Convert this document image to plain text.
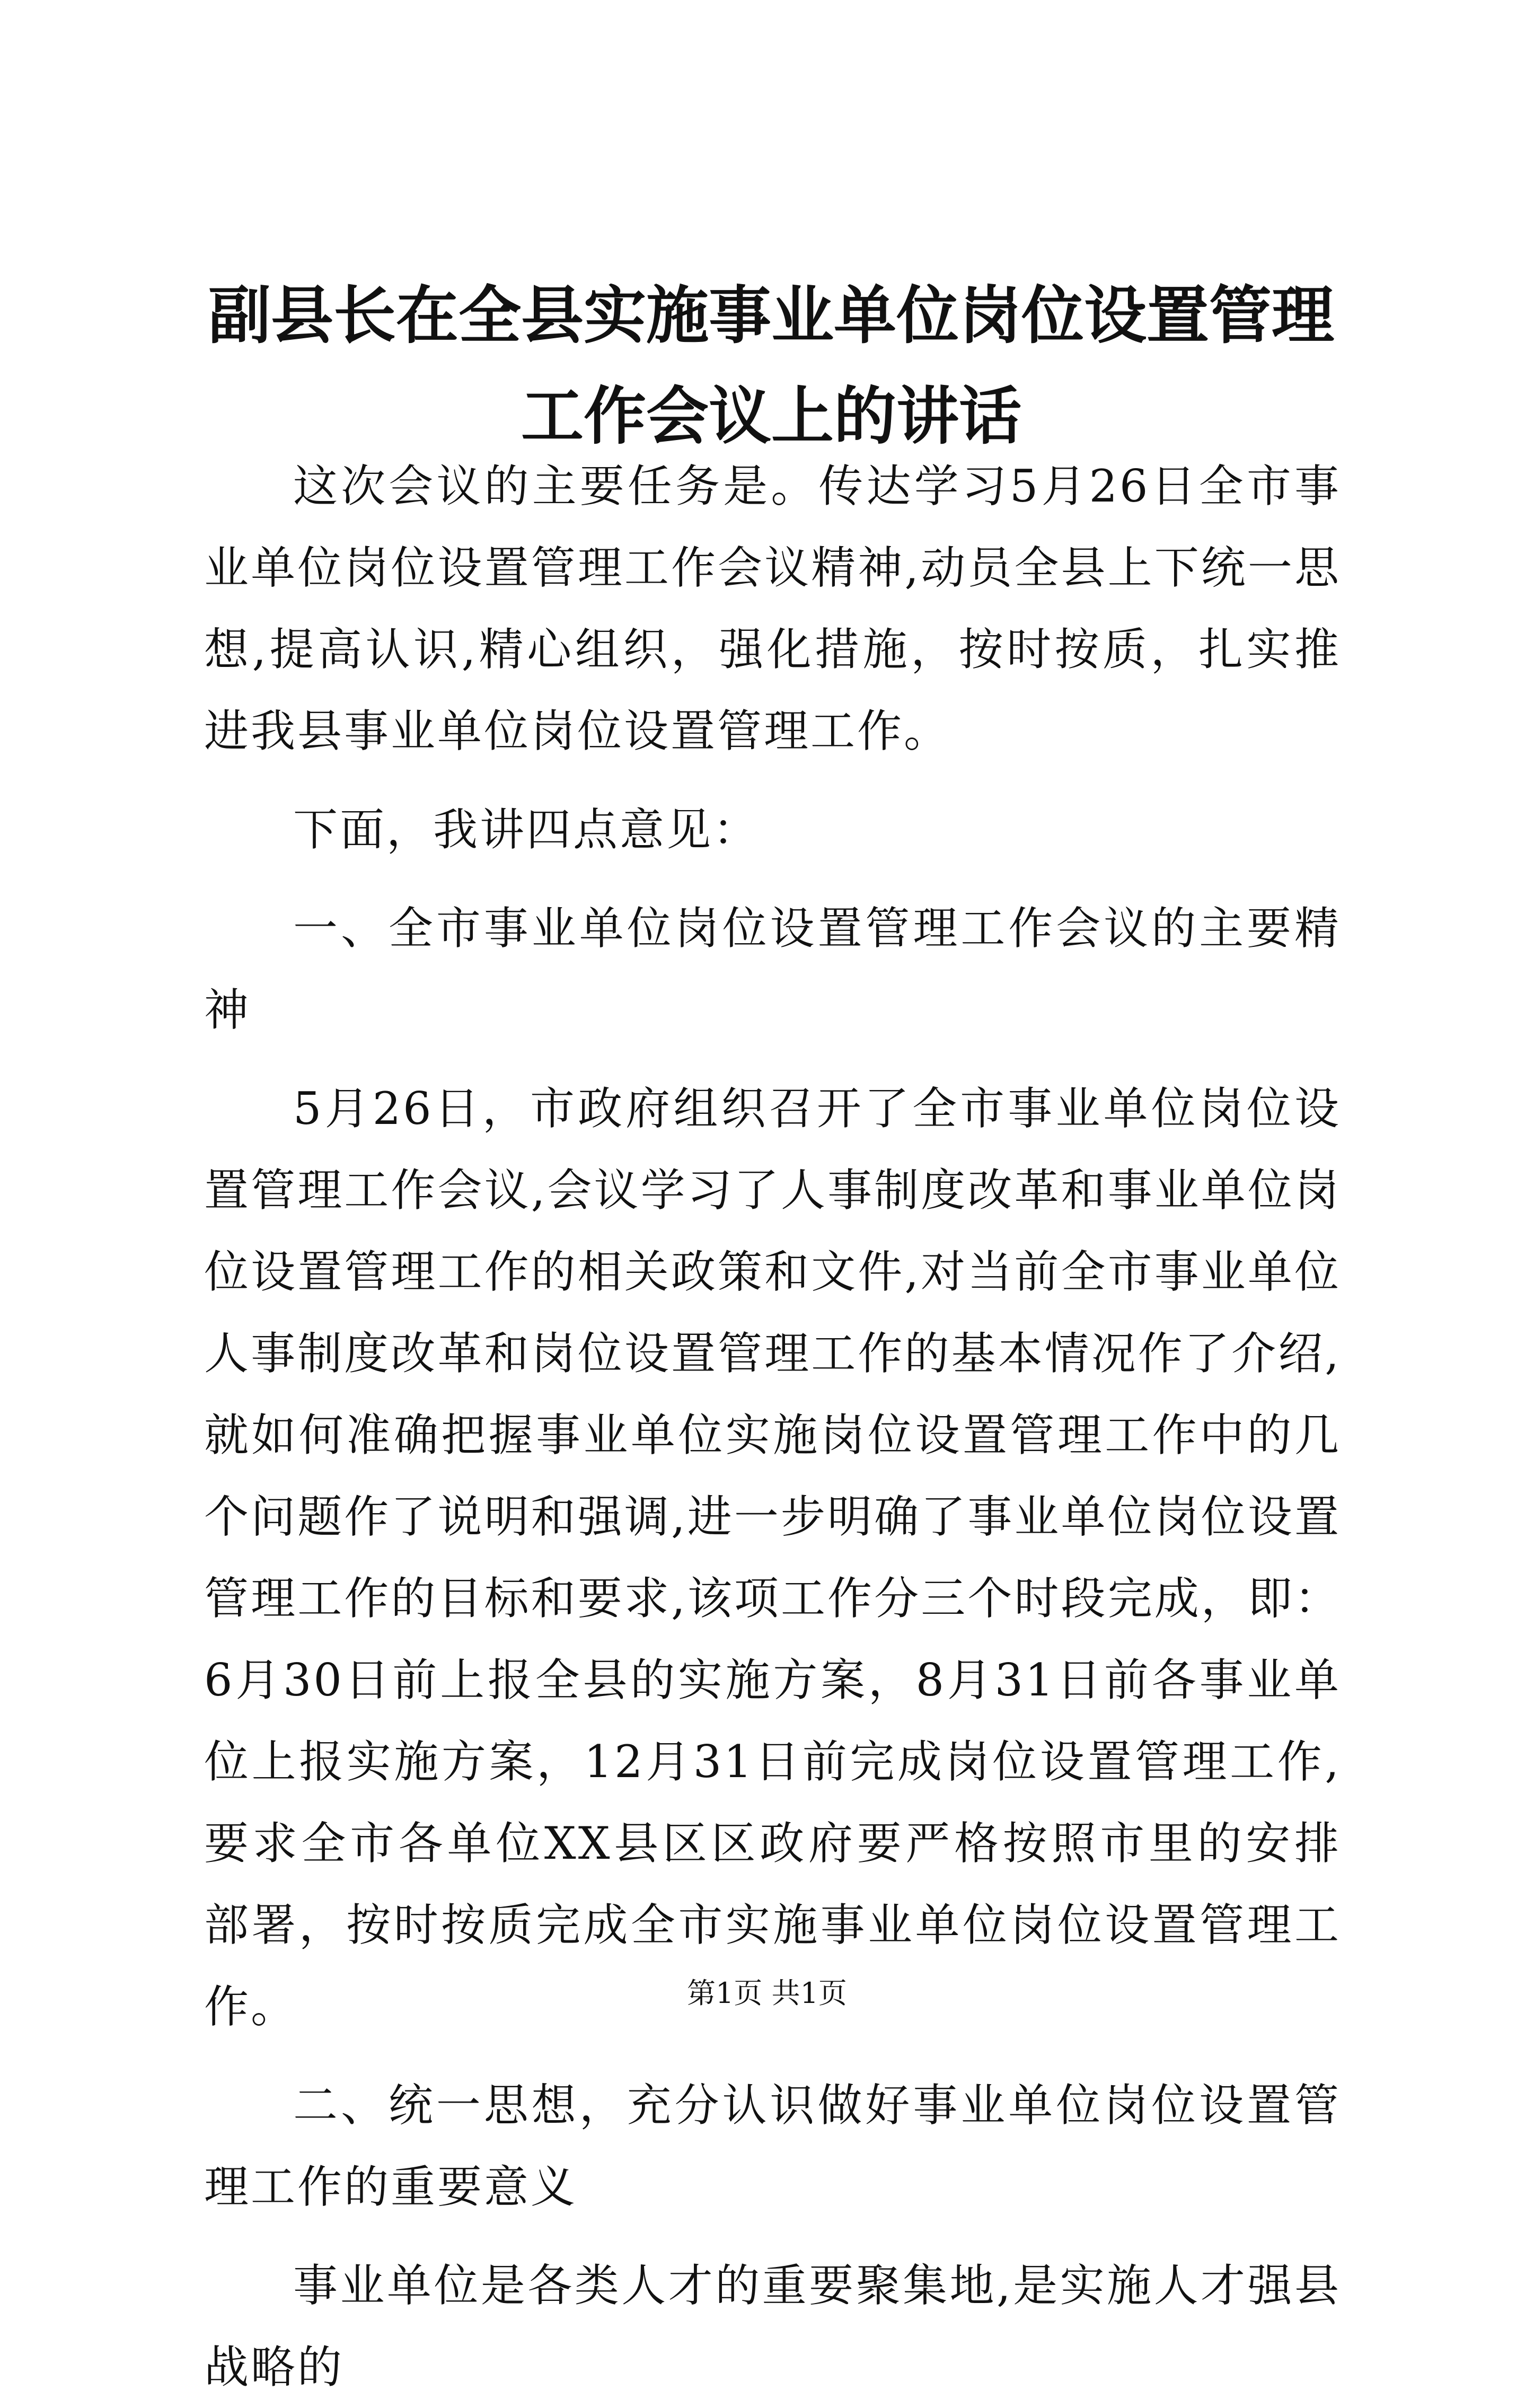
副县长在全县实施事业单位岗位设置管理工作会议上的讲话

这次会议的主要任务是。传达学习5月26日全市事业单位岗位设置管理工作会议精神,动员全县上下统一思想,提高认识,精心组织，强化措施，按时按质，扎实推进我县事业单位岗位设置管理工作。

下面，我讲四点意见：

一、全市事业单位岗位设置管理工作会议的主要精神

5月26日，市政府组织召开了全市事业单位岗位设置管理工作会议,会议学习了人事制度改革和事业单位岗位设置管理工作的相关政策和文件,对当前全市事业单位人事制度改革和岗位设置管理工作的基本情况作了介绍,就如何准确把握事业单位实施岗位设置管理工作中的几个问题作了说明和强调,进一步明确了事业单位岗位设置管理工作的目标和要求,该项工作分三个时段完成，即：6月30日前上报全县的实施方案，8月31日前各事业单位上报实施方案，12月31日前完成岗位设置管理工作,要求全市各单位XX县区区政府要严格按照市里的安排部署，按时按质完成全市实施事业单位岗位设置管理工作。

二、统一思想，充分认识做好事业单位岗位设置管理工作的重要意义

事业单位是各类人才的重要聚集地,是实施人才强县战略的

第1页 共1页
